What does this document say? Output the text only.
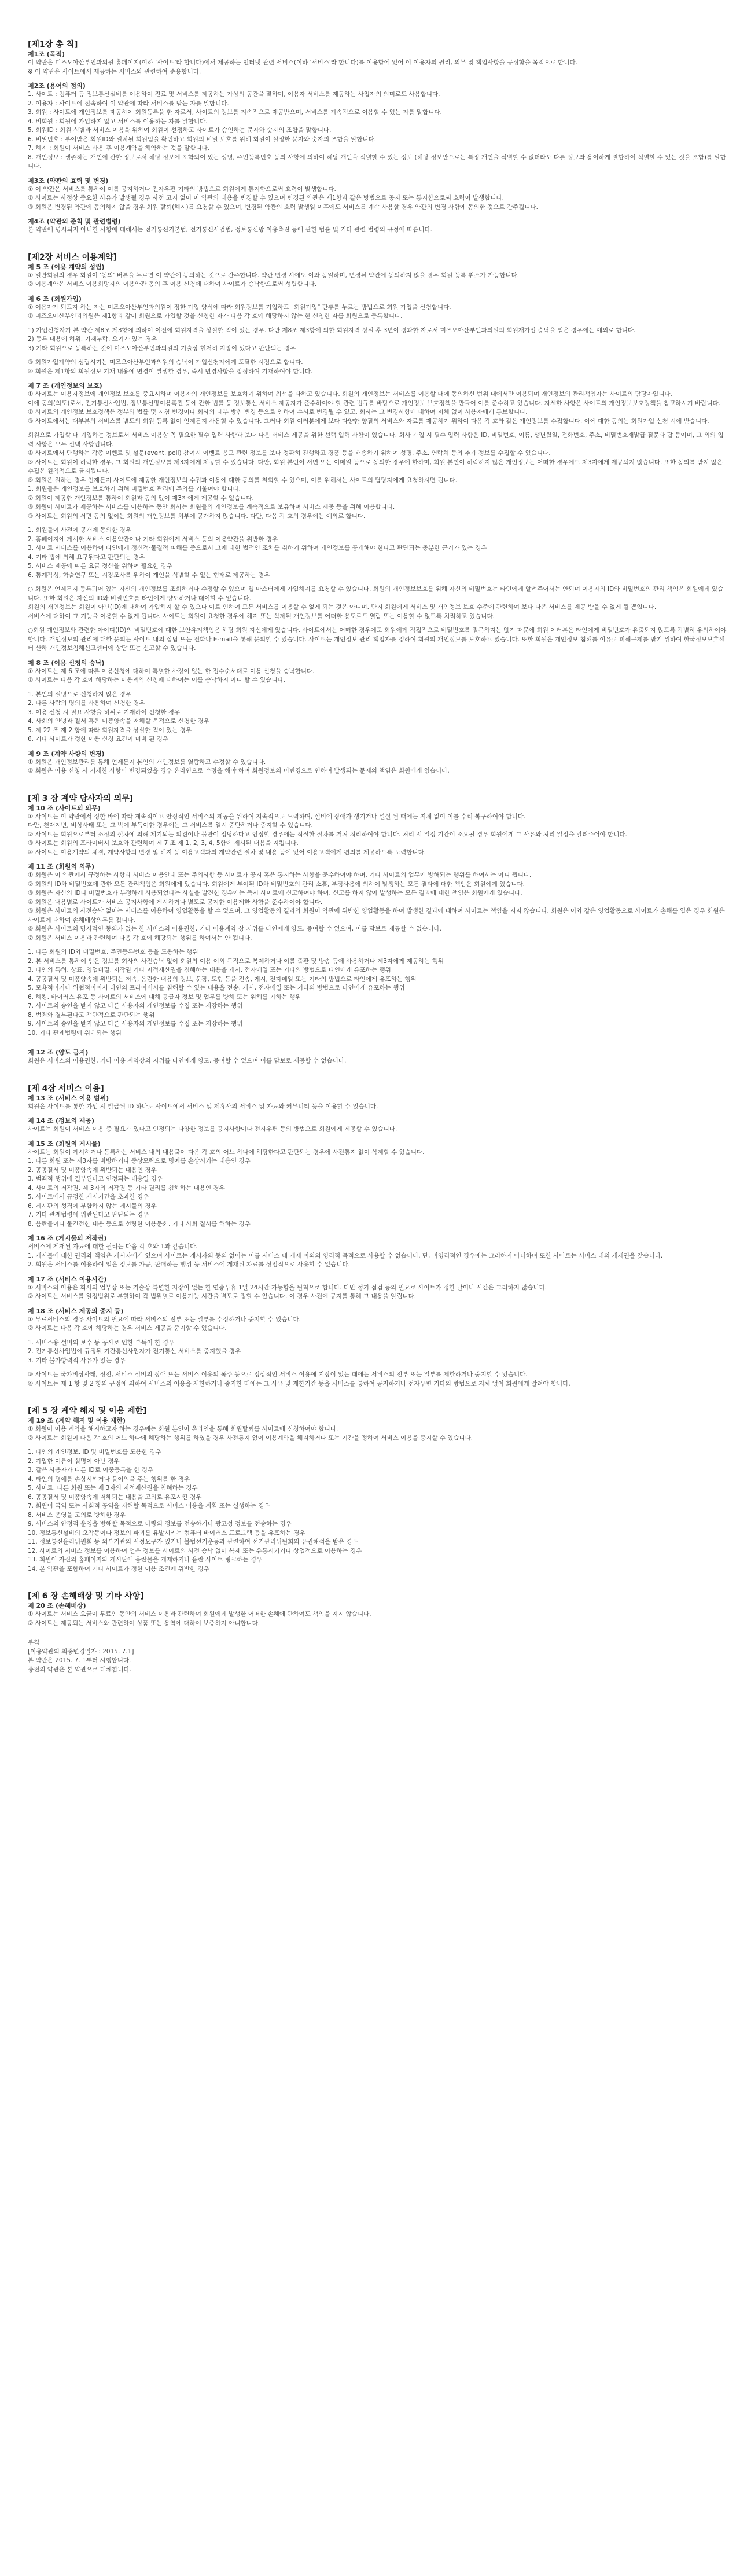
[제1장 총 칙]
제1조 (목적)

이 약관은 미즈오아산부인과의원 홈페이지(이하 '사이트'라 합니다)에서 제공하는 인터넷 관련 서비스(이하 '서비스'라 합니다)를 이용함에 있어 이 이용자의 권리, 의무 및 책임사항을 규정함을 목적으로 합니다.

※ 이 약관은 사이트에서 제공하는 서비스와 관련하여 준용합니다.

제2조 (용어의 정의)

1. 사이트 : 컴퓨터 등 정보통신설비를 이용하여 진료 및 서비스를 제공하는 가상의 공간을 말하며, 이용자 서비스를 제공하는 사업자의 의미로도 사용합니다.

2. 이용자 : 사이트에 접속하여 이 약관에 따라 서비스를 받는 자를 말합니다.

3. 회원 : 사이트에 개인정보를 제공하여 회원등록을 한 자로서, 사이트의 정보를 지속적으로 제공받으며, 서비스를 계속적으로 이용할 수 있는 자를 말합니다.

4. 비회원 : 회원에 가입하지 않고 서비스를 이용하는 자를 말합니다.

5. 회원ID : 회원 식별과 서비스 이용을 위하여 회원이 선정하고 사이트가 승인하는 문자와 숫자의 조합을 말합니다.

6. 비밀번호 : 부여받은 회원ID와 일치된 회원임을 확인하고 회원의 비밀 보호를 위해 회원이 설정한 문자와 숫자의 조합을 말합니다.

7. 해지 : 회원이 서비스 사용 후 이용계약을 해약하는 것을 말합니다.

8. 개인정보 : 생존하는 개인에 관한 정보로서 해당 정보에 포함되어 있는 성명, 주민등록번호 등의 사항에 의하여 해당 개인을 식별할 수 있는 정보 (해당 정보만으로는 특정 개인을 식별할 수 없더라도 다른 정보와 용이하게 결합하여 식별할 수 있는 것을 포함)를 말합니다.

제3조 (약관의 효력 및 변경)

① 이 약관은 서비스를 통하여 이를 공지하거나 전자우편 기타의 방법으로 회원에게 통지함으로써 효력이 발생합니다.

② 사이트는 사정상 중요한 사유가 발생될 경우 사전 고지 없이 이 약관의 내용을 변경할 수 있으며 변경된 약관은 제1항과 같은 방법으로 공지 또는 통지함으로써 효력이 발생합니다.

③ 회원은 변경된 약관에 동의하지 않을 경우 회원 탈퇴(해지)를 요청할 수 있으며, 변경된 약관의 효력 발생일 이후에도 서비스를 계속 사용할 경우 약관의 변경 사항에 동의한 것으로 간주됩니다.

제4조 (약관외 준칙 및 관련법령)

본 약관에 명시되지 아니한 사항에 대해서는 전기통신기본법, 전기통신사업법, 정보통신망 이용촉진 등에 관한 법률 및 기타 관련 법령의 규정에 따릅니다.

[제2장 서비스 이용계약]
제 5 조 (이용 계약의 성립)

① 일반회원의 경우 회원이 '동의' 버튼을 누르면 이 약관에 동의하는 것으로 간주합니다. 약관 변경 시에도 이와 동일하며, 변경된 약관에 동의하지 않을 경우 회원 등록 취소가 가능합니다.

② 이용계약은 서비스 이용희망자의 이용약관 동의 후 이용 신청에 대하여 사이트가 승낙함으로써 성립합니다.

제 6 조 (회원가입)

① 이용자가 되고자 하는 자는 미즈오아산부인과의원이 정한 가입 양식에 따라 회원정보를 기입하고 "회원가입" 단추를 누르는 방법으로 회원 가입을 신청합니다.

② 미즈오아산부인과의원은 제1항과 같이 회원으로 가입할 것을 신청한 자가 다음 각 호에 해당하지 않는 한 신청한 자를 회원으로 등록합니다.

1) 가입신청자가 본 약관 제8조 제3항에 의하여 이전에 회원자격을 상실한 적이 있는 경우. 다만 제8조 제3항에 의한 회원자격 상실 후 3년이 경과한 자로서 미즈오아산부인과의원의 회원재가입 승낙을 얻은 경우에는 예외로 합니다.

2) 등록 내용에 허위, 기재누락, 오기가 있는 경우

3) 기타 회원으로 등록하는 것이 미즈오아산부인과의원의 기술상 현저히 지장이 있다고 판단되는 경우

③ 회원가입계약의 성립시기는 미즈오아산부인과의원의 승낙이 가입신청자에게 도달한 시점으로 합니다.

④ 회원은 제1항의 회원정보 기재 내용에 변경이 발생한 경우, 즉시 변경사항을 정정하여 기재하여야 합니다.

제 7 조 (개인정보의 보호)

① 사이트는 이용자정보에 개인정보 보호를 중요시하며 이용자의 개인정보를 보호하기 위하여 최선을 다하고 있습니다. 회원의 개인정보는 서비스를 이용할 때에 동의하신 범위 내에서만 이용되며 개인정보의 관리책임자는 사이트의 담당자입니다.

이에 동의(의도)로서, 전기통신사업법, 정보통신망이용촉진 등에 관한 법률 등 정보통신 서비스 제공자가 준수하여야 할 관련 법규를 바탕으로 개인정보 보호정책을 만들어 이를 준수하고 있습니다. 자세한 사항은 사이트의 개인정보보호정책을 참고하시기 바랍니다.

② 사이트의 개인정보 보호정책은 정부의 법률 및 지침 변경이나 회사의 내부 방침 변경 등으로 인하여 수시로 변경될 수 있고, 회사는 그 변경사항에 대하여 지체 없이 사용자에게 통보합니다.

③ 사이트에서는 대부분의 서비스를 별도의 회원 등록 없이 언제든지 사용할 수 있습니다. 그러나 회원 여러분에게 보다 다양한 양질의 서비스와 자료를 제공하기 위하여 다음 각 호와 같은 개인정보를 수집합니다. 이에 대한 동의는 회원가입 신청 시에 받습니다.

회원으로 가입할 때 기입하는 정보로서 서비스 이용상 꼭 필요한 필수 입력 사항과 보다 나은 서비스 제공을 위한 선택 입력 사항이 있습니다. 회사 가입 시 필수 입력 사항은 ID, 비밀번호, 이름, 생년월일, 전화번호, 주소, 비밀번호재발급 질문과 답 등이며, 그 외의 입력 사항은 모두 선택 사항입니다.

④ 사이트에서 단행하는 각종 이벤트 및 설문(event, poll) 참여시 이벤트 응모 관련 정보를 보다 정확히 진행하고 경품 등을 배송하기 위하여 성명, 주소, 연락처 등의 추가 정보를 수집할 수 있습니다.

⑤ 사이트는 회원이 허락한 경우, 그 회원의 개인정보를 제3자에게 제공할 수 있습니다. 다만, 회원 본인이 서면 또는 이메일 등으로 동의한 경우에 한하며, 회원 본인이 허락하지 않은 개인정보는 어떠한 경우에도 제3자에게 제공되지 않습니다. 또한 동의를 받지 않은 수집은 원칙적으로 금지됩니다.

⑥ 회원은 원하는 경우 언제든지 사이트에 제공한 개인정보의 수집과 이용에 대한 동의를 철회할 수 있으며, 이를 위해서는 사이트의 담당자에게 요청하시면 됩니다.

1. 회원들은 개인정보를 보호하기 위해 비밀번호 관리에 주의를 기울여야 합니다.

⑦ 회원이 제공한 개인정보를 통하여 회원과 동의 없이 제3자에게 제공할 수 없습니다.

⑧ 회원이 사이트가 제공하는 서비스를 이용하는 동안 회사는 회원들의 개인정보를 계속적으로 보유하며 서비스 제공 등을 위해 이용합니다.

⑨ 사이트는 회원의 서면 동의 없이는 회원의 개인정보를 외부에 공개하지 않습니다. 다만, 다음 각 호의 경우에는 예외로 합니다.

1. 회원들이 사전에 공개에 동의한 경우

2. 홈페이지에 게시한 서비스 이용약관이나 기타 회원에게 서비스 등의 이용약관을 위반한 경우

3. 사이트 서비스를 이용하여 타인에게 정신적·물질적 피해를 줌으로서 그에 대한 법적인 조치를 취하기 위하여 개인정보를 공개해야 한다고 판단되는 충분한 근거가 있는 경우

4. 기타 법에 의해 요구된다고 판단되는 경우

5. 서비스 제공에 따른 요금 정산을 위하여 필요한 경우

6. 통계작성, 학술연구 또는 시장조사를 위하여 개인을 식별할 수 없는 형태로 제공하는 경우

○ 회원은 언제든지 등록되어 있는 자신의 개인정보를 조회하거나 수정할 수 있으며 웹 마스터에게 가입해지를 요청할 수 있습니다. 회원의 개인정보보호를 위해 자신의 비밀번호는 타인에게 알려주어서는 안되며 이용자의 ID와 비밀번호의 관리 책임은 회원에게 있습니다. 또한 회원은 자신의 ID와 비밀번호를 타인에게 양도하거나 대여할 수 없습니다.

회원의 개인정보는 회원이 아닌(ID)에 대하여 가입해지 할 수 있으나 이로 인하여 모든 서비스를 이용할 수 없게 되는 것은 아니며, 단지 회원에게 서비스 및 개인정보 보호 수준에 관련하여 보다 나은 서비스를 제공 받을 수 없게 될 뿐입니다.

서비스에 대하여 그 기능을 이용할 수 없게 됩니다. 사이트는 회원이 요청한 경우에 해지 또는 삭제된 개인정보를 어떠한 용도로도 열람 또는 이용할 수 없도록 처리하고 있습니다.

○회원 개인정보와 관련한 아이디(ID)의 비밀번호에 대한 보안유지책임은 해당 회원 자신에게 있습니다. 사이트에서는 어떠한 경우에도 회원에게 직접적으로 비밀번호를 질문하지는 않기 때문에 회원 여러분은 타인에게 비밀번호가 유출되지 않도록 각별히 유의하여야 합니다. 개인정보의 관리에 대한 문의는 사이트 내의 상담 또는 전화나 E-mail을 통해 문의할 수 있습니다. 사이트는 개인정보 관리 책임자를 정하여 회원의 개인정보를 보호하고 있습니다. 또한 회원은 개인정보 침해를 이유로 피해구제를 받기 위하여 한국정보보호센터 산하 개인정보침해신고센터에 상담 또는 신고할 수 있습니다.

제 8 조 (이용 신청의 승낙)

① 사이트는 제 6 조에 따른 이용신청에 대하여 특별한 사정이 없는 한 접수순서대로 이용 신청을 승낙합니다.

② 사이트는 다음 각 호에 해당하는 이용계약 신청에 대하여는 이를 승낙하지 아니 할 수 있습니다.

1. 본인의 실명으로 신청하지 않은 경우

2. 다른 사람의 명의를 사용하여 신청한 경우

3. 이용 신청 시 필요 사항을 허위로 기재하여 신청한 경우

4. 사회의 안녕과 질서 혹은 미풍양속을 저해할 목적으로 신청한 경우

5. 제 22 조 제 2 항에 따라 회원자격을 상실한 적이 있는 경우

6. 기타 사이트가 정한 이용 신청 요건이 미비 된 경우

제 9 조 (계약 사항의 변경)

① 회원은 개인정보관리를 통해 언제든지 본인의 개인정보를 열람하고 수정할 수 있습니다.

② 회원은 이용 신청 시 기재한 사항이 변경되었을 경우 온라인으로 수정을 해야 하며 회원정보의 미변경으로 인하여 발생되는 문제의 책임은 회원에게 있습니다.

[제 3 장 계약 당사자의 의무]
제 10 조 (사이트의 의무)

① 사이트는 이 약관에서 정한 바에 따라 계속적이고 안정적인 서비스의 제공을 위하여 지속적으로 노력하며, 설비에 장애가 생기거나 멸실 된 때에는 지체 없이 이를 수리 복구하여야 합니다.

다만, 천재지변, 비상사태 또는 그 밖에 부득이한 경우에는 그 서비스를 일시 중단하거나 중지할 수 있습니다.

② 사이트는 회원으로부터 소정의 절차에 의해 제기되는 의견이나 불만이 정당하다고 인정할 경우에는 적절한 절차를 거처 처리하여야 합니다. 처리 시 일정 기간이 소요될 경우 회원에게 그 사유와 처리 일정을 알려주어야 합니다.

③ 사이트는 회원의 프라이버시 보호와 관련하여 제 7 조 제 1, 2, 3, 4, 5항에 제시된 내용을 지킵니다.

④ 사이트는 이용계약의 체결, 계약사항의 변경 및 해지 등 이용고객과의 계약관련 절차 및 내용 등에 있어 이용고객에게 편의를 제공하도록 노력합니다.

제 11 조 (회원의 의무)

① 회원은 이 약관에서 규정하는 사항과 서비스 이용안내 또는 주의사항 등 사이트가 공지 혹은 통지하는 사항을 준수하여야 하며, 기타 사이트의 업무에 방해되는 행위를 하여서는 아니 됩니다.

② 회원의 ID와 비밀번호에 관한 모든 관리책임은 회원에게 있습니다. 회원에게 부여된 ID와 비밀번호의 관리 소홀, 부정사용에 의하여 발생하는 모든 결과에 대한 책임은 회원에게 있습니다.

③ 회원은 자신의 ID나 비밀번호가 부정하게 사용되었다는 사실을 발견한 경우에는 즉시 사이트에 신고하여야 하며, 신고를 하지 않아 발생하는 모든 결과에 대한 책임은 회원에게 있습니다.

④ 회원은 내용별로 사이트가 서비스 공지사항에 게시하거나 별도로 공지한 이용제한 사항을 준수하여야 합니다.

⑤ 회원은 사이트의 사전승낙 없이는 서비스를 이용하여 영업활동을 할 수 없으며, 그 영업활동의 결과와 회원이 약관에 위반한 영업활동을 하여 발생한 결과에 대하여 사이트는 책임을 지지 않습니다. 회원은 이와 같은 영업활동으로 사이트가 손해를 입은 경우 회원은 사이트에 대하여 손해배상의무를 집니다.

⑥ 회원은 사이트의 명시적인 동의가 없는 한 서비스의 이용권한, 기타 이용계약 상 지위를 타인에게 양도, 증여할 수 없으며, 이를 담보로 제공할 수 없습니다.

⑦ 회원은 서비스 이용과 관련하여 다음 각 호에 해당되는 행위를 하여서는 안 됩니다.

1. 다른 회원의 ID와 비밀번호, 주민등록번호 등을 도용하는 행위

2. 본 서비스를 통하여 얻은 정보를 회사의 사전승낙 없이 회원의 이용 이외 목적으로 복제하거나 이를 출판 및 방송 등에 사용하거나 제3자에게 제공하는 행위

3. 타인의 특허, 상표, 영업비밀, 저작권 기타 지적재산권을 침해하는 내용을 게시, 전자메일 또는 기타의 방법으로 타인에게 유포하는 행위

4. 공공질서 및 미풍양속에 위반되는 저속, 음란한 내용의 정보, 문장, 도형 등을 전송, 게시, 전자메일 또는 기타의 방법으로 타인에게 유포하는 행위

5. 모욕적이거나 위협적이어서 타인의 프라이버시를 침해할 수 있는 내용을 전송, 게시, 전자메일 또는 기타의 방법으로 타인에게 유포하는 행위

6. 해킹, 바이러스 유포 등 사이트의 서비스에 대해 공급자 정보 및 업무를 방해 또는 위해를 가하는 행위

7. 사이트의 승인을 받지 않고 다른 사용자의 개인정보를 수집 또는 저장하는 행위

8. 범죄와 결부된다고 객관적으로 판단되는 행위

9. 사이트의 승인을 받지 않고 다른 사용자의 개인정보를 수집 또는 저장하는 행위

10. 기타 관계법령에 위배되는 행위

제 12 조 (양도 금지)

회원은 서비스의 이용권한, 기타 이용 계약상의 지위를 타인에게 양도, 증여할 수 없으며 이를 담보로 제공할 수 없습니다.

[제 4장 서비스 이용]
제 13 조 (서비스 이용 범위)

회원은 사이트를 통한 가입 시 발급된 ID 하나로 사이트에서 서비스 및 제휴사의 서비스 및 자료와 커뮤니티 등을 이용할 수 있습니다.

제 14 조 (정보의 제공)

사이트는 회원이 서비스 이용 중 필요가 있다고 인정되는 다양한 정보를 공지사항이나 전자우편 등의 방법으로 회원에게 제공할 수 있습니다.

제 15 조 (회원의 게시물)

사이트는 회원이 게시하거나 등록하는 서비스 내의 내용물이 다음 각 호의 어느 하나에 해당한다고 판단되는 경우에 사전통지 없이 삭제할 수 있습니다.

1. 다른 회원 또는 제3자를 비방하거나 중상모략으로 명예를 손상시키는 내용인 경우

2. 공공질서 및 미풍양속에 위반되는 내용인 경우

3. 범죄적 행위에 결부된다고 인정되는 내용일 경우

4. 사이트의 저작권, 제 3자의 저작권 등 기타 권리를 침해하는 내용인 경우

5. 사이트에서 규정한 게시기간을 초과한 경우

6. 게시판의 성격에 부합하지 않는 게시물의 경우

7. 기타 관계법령에 위반된다고 판단되는 경우

8. 음란물이나 불건전한 내용 등으로 선량한 이용문화, 기타 사회 질서를 해하는 경우

제 16 조 (게시물의 저작권)

서비스에 게재된 자료에 대한 권리는 다음 각 호와 1과 같습니다.

1. 게시물에 대한 권리와 책임은 게시자에게 있으며 사이트는 게시자의 동의 없이는 이를 서비스 내 게재 이외의 영리적 목적으로 사용할 수 없습니다. 단, 비영리적인 경우에는 그러하지 아니하며 또한 사이트는 서비스 내의 게재권을 갖습니다.

2. 회원은 서비스를 이용하여 얻은 정보를 가공, 판매하는 행위 등 서비스에 게재된 자료를 상업적으로 사용할 수 없습니다.

제 17 조 (서비스 이용시간)

① 서비스의 이용은 회사의 업무상 또는 기술상 특별한 지장이 없는 한 연중무휴 1일 24시간 가능함을 원칙으로 합니다. 다만 정기 점검 등의 필요로 사이트가 정한 날이나 시간은 그러하지 않습니다.

② 사이트는 서비스를 일정범위로 분할하여 각 범위별로 이용가능 시간을 별도로 정할 수 있습니다. 이 경우 사전에 공지를 통해 그 내용을 알립니다.

제 18 조 (서비스 제공의 중지 등)

① 무료서비스의 경우 사이트의 필요에 따라 서비스의 전부 또는 일부를 수정하거나 중지할 수 있습니다.

② 사이트는 다음 각 호에 해당하는 경우 서비스 제공을 중지할 수 있습니다.

1. 서비스용 설비의 보수 등 공사로 인한 부득이 한 경우

2. 전기통신사업법에 규정된 기간통신사업자가 전기통신 서비스를 중지했을 경우

3. 기타 불가항력적 사유가 있는 경우

③ 사이트는 국가비상사태, 정전, 서비스 설비의 장애 또는 서비스 이용의 폭주 등으로 정상적인 서비스 이용에 지장이 있는 때에는 서비스의 전부 또는 일부를 제한하거나 중지할 수 있습니다.

④ 사이트는 제 1 항 및 2 항의 규정에 의하여 서비스의 이용을 제한하거나 중지한 때에는 그 사유 및 제한기간 등을 서비스를 통하여 공지하거나 전자우편 기타의 방법으로 지체 없이 회원에게 알려야 합니다.

[제 5 장 계약 해지 및 이용 제한]
제 19 조 (계약 해지 및 이용 제한)

① 회원이 이용 계약을 해지하고자 하는 경우에는 회원 본인이 온라인을 통해 회원탈퇴를 사이트에 신청하여야 합니다.

② 사이트는 회원이 다음 각 호의 어느 하나에 해당하는 행위를 하였을 경우 사전통지 없이 이용계약을 해지하거나 또는 기간을 정하여 서비스 이용을 중지할 수 있습니다.

1. 타인의 개인정보, ID 및 비밀번호를 도용한 경우

2. 가입한 이름이 실명이 아닌 경우

3. 같은 사용자가 다른 ID로 이중등록을 한 경우

4. 타인의 명예를 손상시키거나 불이익을 주는 행위를 한 경우

5. 사이트, 다른 회원 또는 제 3자의 지적재산권을 침해하는 경우

6. 공공질서 및 미풍양속에 저해되는 내용을 고의로 유포시킨 경우

7. 회원이 국익 또는 사회적 공익을 저해할 목적으로 서비스 이용을 계획 또는 실행하는 경우

8. 서비스 운영을 고의로 방해한 경우

9. 서비스의 안정적 운영을 방해할 목적으로 다량의 정보를 전송하거나 광고성 정보를 전송하는 경우

10. 정보통신설비의 오작동이나 정보의 파괴를 유발시키는 컴퓨터 바이러스 프로그램 등을 유포하는 경우

11. 정보통신윤리위원회 등 외부기관의 시정요구가 있거나 불법선거운동과 관련하여 선거관리위원회의 유권해석을 받은 경우

12. 사이트의 서비스 정보를 이용하여 얻은 정보를 사이트의 사전 승낙 없이 복제 또는 유통시키거나 상업적으로 이용하는 경우

13. 회원이 자신의 홈페이지와 게시판에 음란물을 게재하거나 음란 사이트 링크하는 경우

14. 본 약관을 포함하여 기타 사이트가 정한 이용 조건에 위반한 경우

[제 6 장 손해배상 및 기타 사항]
제 20 조 (손해배상)

① 사이트는 서비스 요금이 무료인 동안의 서비스 이용과 관련하여 회원에게 발생한 어떠한 손해에 관하여도 책임을 지지 않습니다.

② 사이트는 제공되는 서비스와 관련하여 상품 또는 용역에 대하여 보증하지 아니합니다.

부칙

[이용약관의 최종변경일자 : 2015. 7.1]

본 약관은 2015. 7. 1부터 시행합니다.

종전의 약관은 본 약관으로 대체합니다.
